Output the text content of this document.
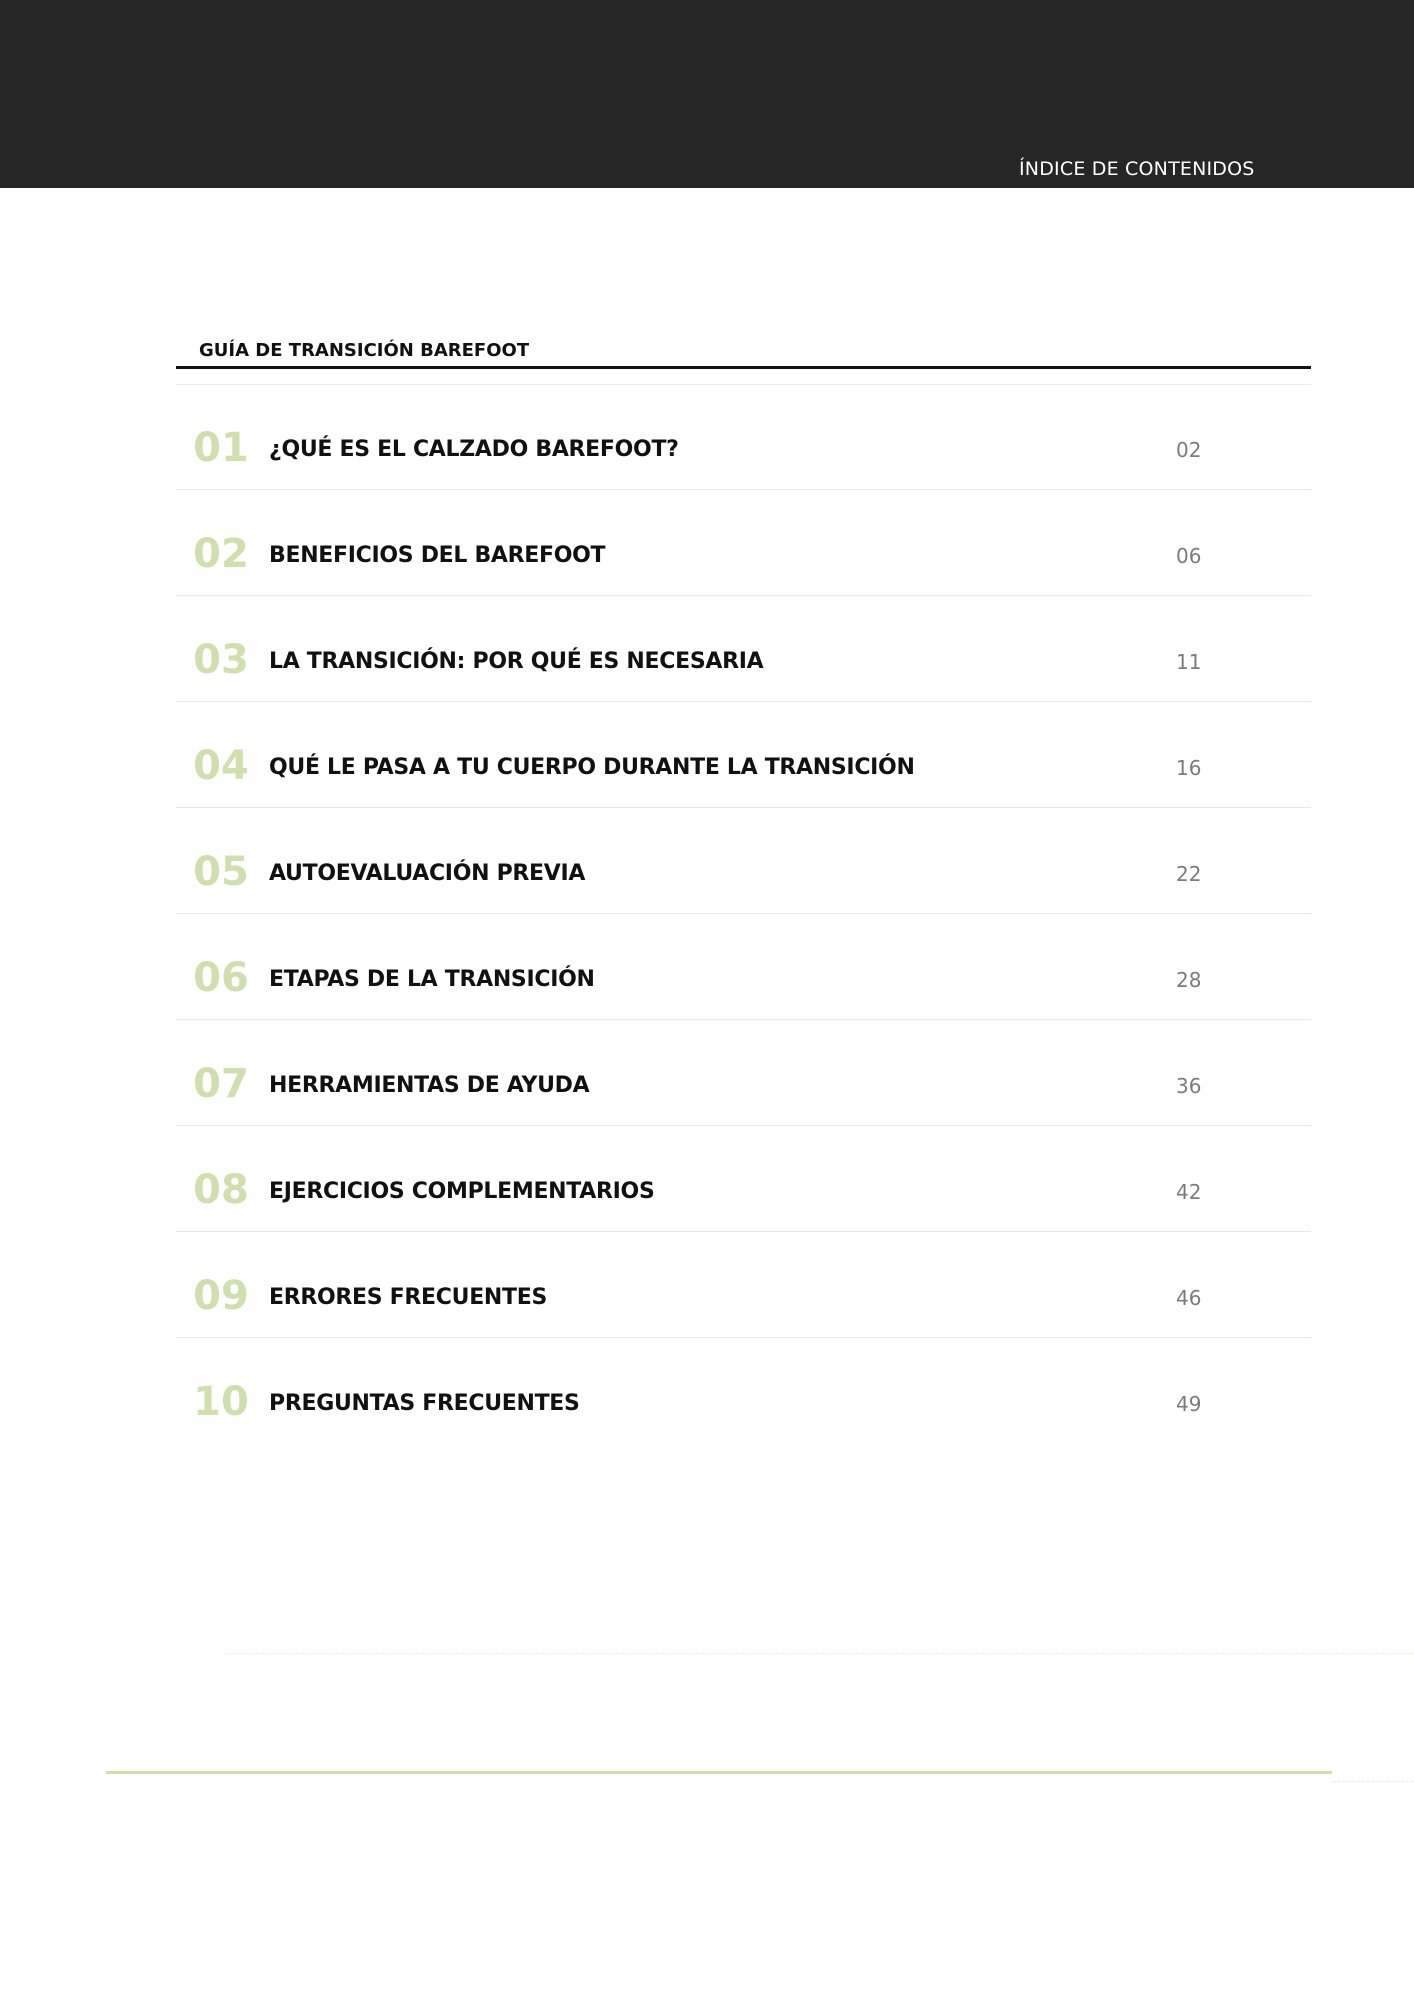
ÍNDICE DE CONTENIDOS
GUÍA DE TRANSICIÓN BAREFOOT
01 ¿QUÉ ES EL CALZADO BAREFOOT?	02
02 BENEFICIOS DEL BAREFOOT	06
03 LA TRANSICIÓN: POR QUÉ ES NECESARIA	11
04 QUÉ LE PASA A TU CUERPO DURANTE LA TRANSICIÓN	16
05 AUTOEVALUACIÓN PREVIA	22
06 ETAPAS DE LA TRANSICIÓN	28
07 HERRAMIENTAS DE AYUDA	36
08 EJERCICIOS COMPLEMENTARIOS	42
09 ERRORES FRECUENTES	46
10 PREGUNTAS FRECUENTES	49
